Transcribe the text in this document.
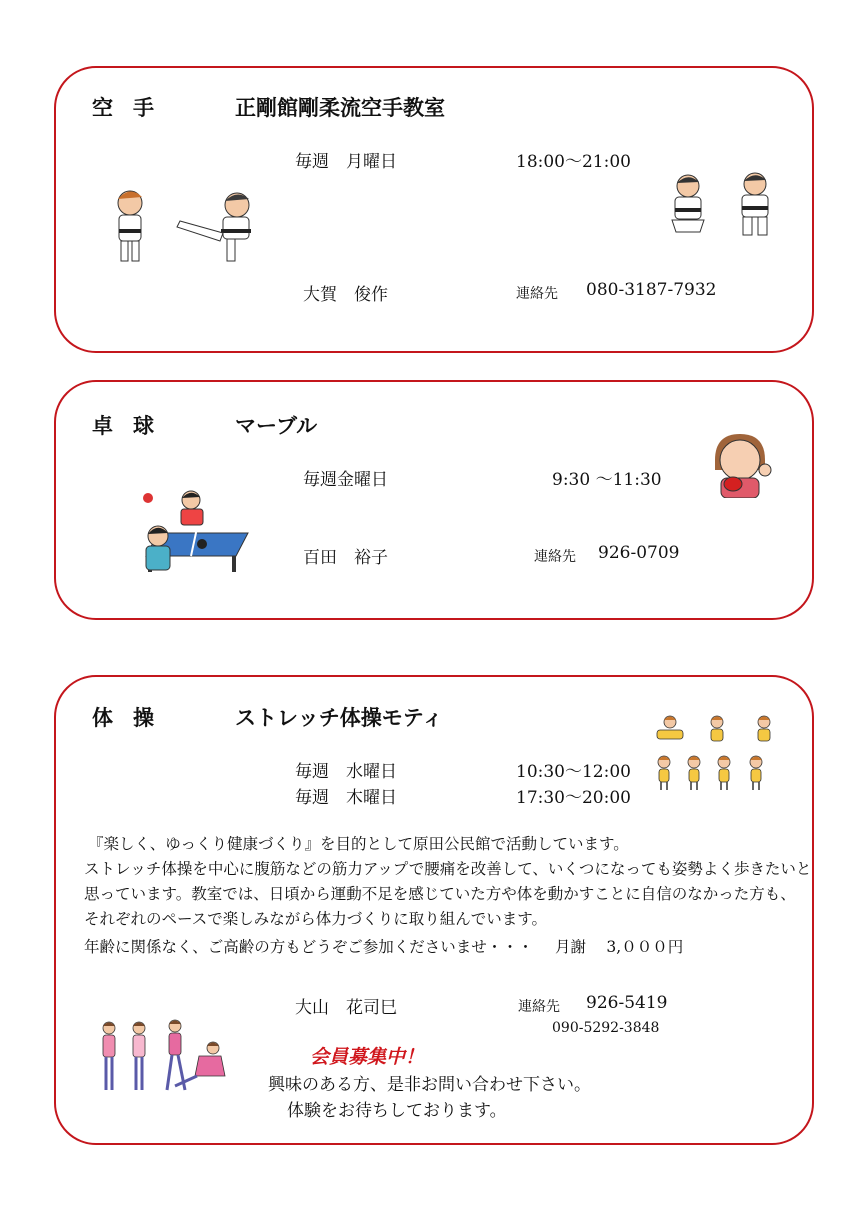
空手	正剛館剛柔流空手教室
毎週　月曜日	18:00～21:00
大賀　俊作	連絡先 080-3187-7932
卓球	マーブル
毎週金曜日	9:30 ～11:30
百田　裕子	連絡先 926-0709
体操	ストレッチ体操モティ
毎週　水曜日	10:30～12:00
毎週　木曜日	17:30～20:00
『楽しく、ゆっくり健康づくり』を目的として原田公民館で活動しています。
ストレッチ体操を中心に腹筋などの筋力アップで腰痛を改善して、いくつになっても姿勢よく歩きたいと
思っています。教室では、日頃から運動不足を感じていた方や体を動かすことに自信のなかった方も、
それぞれのペースで楽しみながら体力づくりに取り組んでいます。
年齢に関係なく、ご高齢の方もどうぞご参加くださいませ・・・ 月謝　 3,０００円
大山　花司巳	連絡先 926-5419
090-5292-3848
会員募集中！
興味のある方、是非お問い合わせ下さい。
体験をお待ちしております。
